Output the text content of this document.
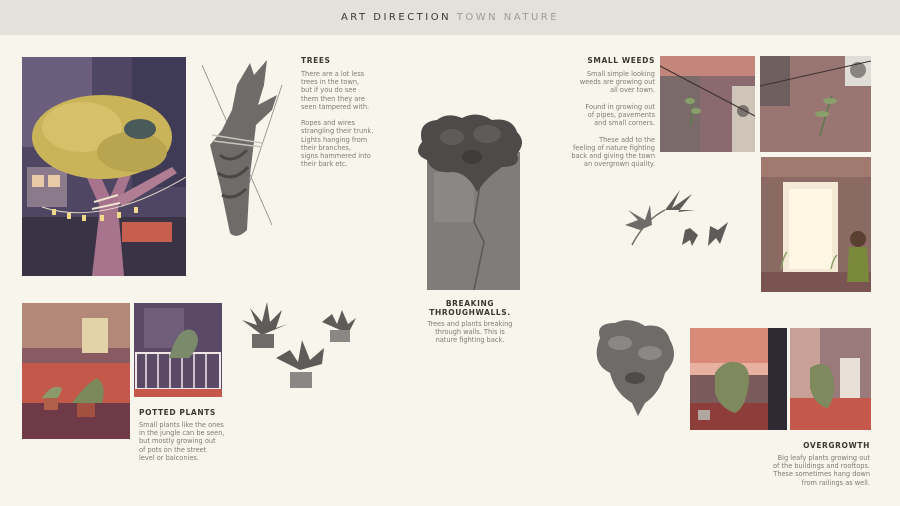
ART DIRECTION TOWN NATURE
TREES
There are a lot less
trees in the town,
but if you do see
them then they are
seen tampered with.

Ropes and wires
strangling their trunk.
Lights hanging from
their branches,
signs hammered into
their bark etc.
BREAKING
THROUGHWALLS.
Trees and plants breaking
through walls. This is
nature fighting back.
SMALL WEEDS
Small simple looking
weeds are growing out
all over town.

Found in growing out
of pipes, pavements
and small corners.

These add to the
feeling of nature fighting
back and giving the town
an overgrown quality.
POTTED PLANTS
Small plants like the ones
in the jungle can be seen,
but mostly growing out
of pots on the street
level or balconies.
OVERGROWTH
Big leafy plants growing out
of the buildings and rooftops.
These sometimes hang down
from railings as well.
